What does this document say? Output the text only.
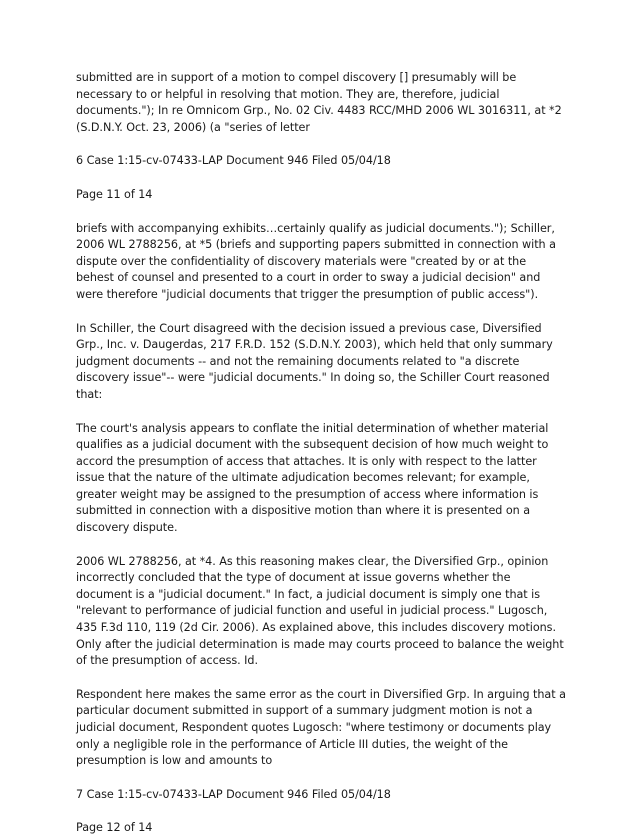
submitted are in support of a motion to compel discovery [] presumably will be necessary to or helpful in resolving that motion. They are, therefore, judicial documents."); In re Omnicom Grp., No. 02 Civ. 4483 RCC/MHD 2006 WL 3016311, at *2 (S.D.N.Y. Oct. 23, 2006) (a "series of letter

6 Case 1:15-cv-07433-LAP Document 946 Filed 05/04/18

Page 11 of 14

briefs with accompanying exhibits…certainly qualify as judicial documents."); Schiller, 2006 WL 2788256, at *5 (briefs and supporting papers submitted in connection with a dispute over the confidentiality of discovery materials were "created by or at the behest of counsel and presented to a court in order to sway a judicial decision" and were therefore "judicial documents that trigger the presumption of public access").

In Schiller, the Court disagreed with the decision issued a previous case, Diversified Grp., Inc. v. Daugerdas, 217 F.R.D. 152 (S.D.N.Y. 2003), which held that only summary judgment documents -- and not the remaining documents related to "a discrete discovery issue"-- were "judicial documents." In doing so, the Schiller Court reasoned that:

The court's analysis appears to conflate the initial determination of whether material qualifies as a judicial document with the subsequent decision of how much weight to accord the presumption of access that attaches. It is only with respect to the latter issue that the nature of the ultimate adjudication becomes relevant; for example, greater weight may be assigned to the presumption of access where information is submitted in connection with a dispositive motion than where it is presented on a discovery dispute.

2006 WL 2788256, at *4. As this reasoning makes clear, the Diversified Grp., opinion incorrectly concluded that the type of document at issue governs whether the document is a "judicial document." In fact, a judicial document is simply one that is "relevant to performance of judicial function and useful in judicial process." Lugosch, 435 F.3d 110, 119 (2d Cir. 2006). As explained above, this includes discovery motions. Only after the judicial determination is made may courts proceed to balance the weight of the presumption of access. Id.

Respondent here makes the same error as the court in Diversified Grp. In arguing that a particular document submitted in support of a summary judgment motion is not a judicial document, Respondent quotes Lugosch: "where testimony or documents play only a negligible role in the performance of Article III duties, the weight of the presumption is low and amounts to

7 Case 1:15-cv-07433-LAP Document 946 Filed 05/04/18

Page 12 of 14
